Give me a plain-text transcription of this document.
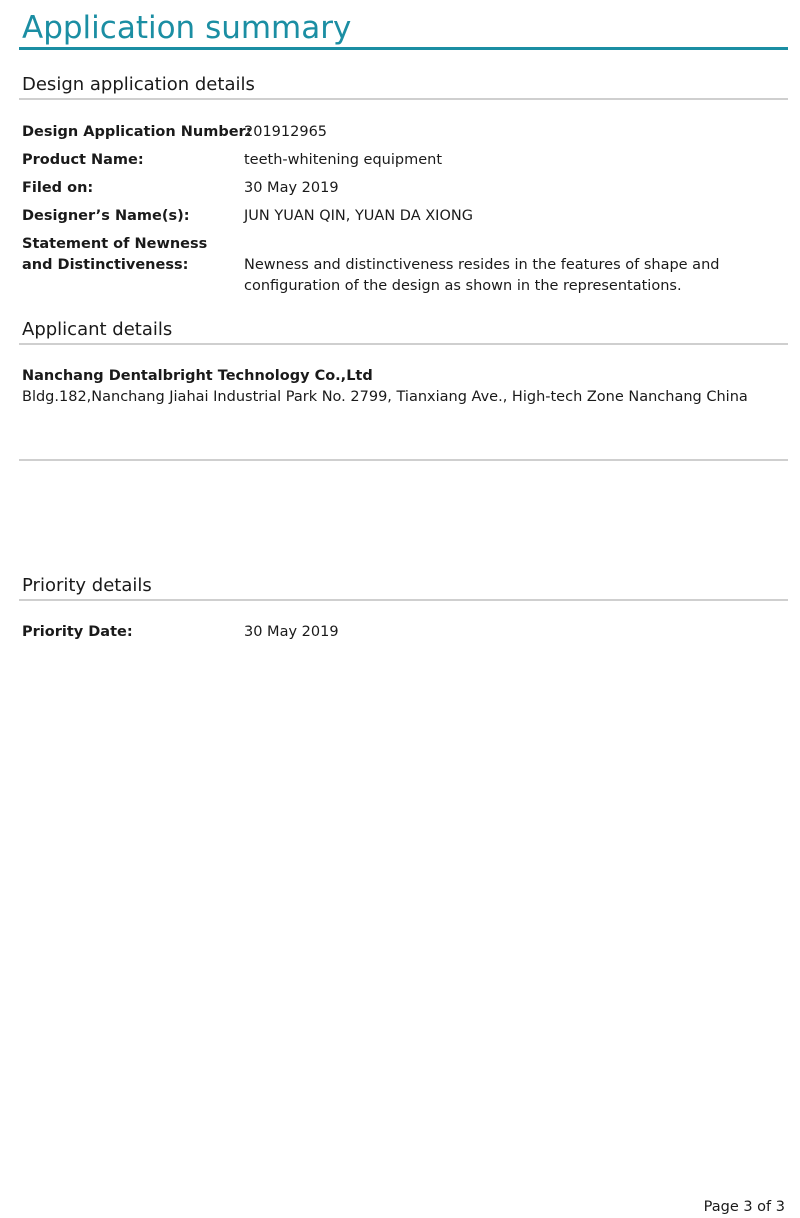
Application summary
Design application details
Design Application Number:
201912965
Product Name:	teeth-whitening equipment
Filed on:	30 May 2019
Designer’s Name(s):	JUN YUAN QIN, YUAN DA XIONG
Statement of Newness
and Distinctiveness:	Newness and distinctiveness resides in the features of shape and
configuration of the design as shown in the representations.
Applicant details
Nanchang Dentalbright Technology Co.,Ltd
Bldg.182,Nanchang Jiahai Industrial Park No. 2799, Tianxiang Ave., High-tech Zone Nanchang China
Priority details
Priority Date:	30 May 2019
Page 3 of 3
